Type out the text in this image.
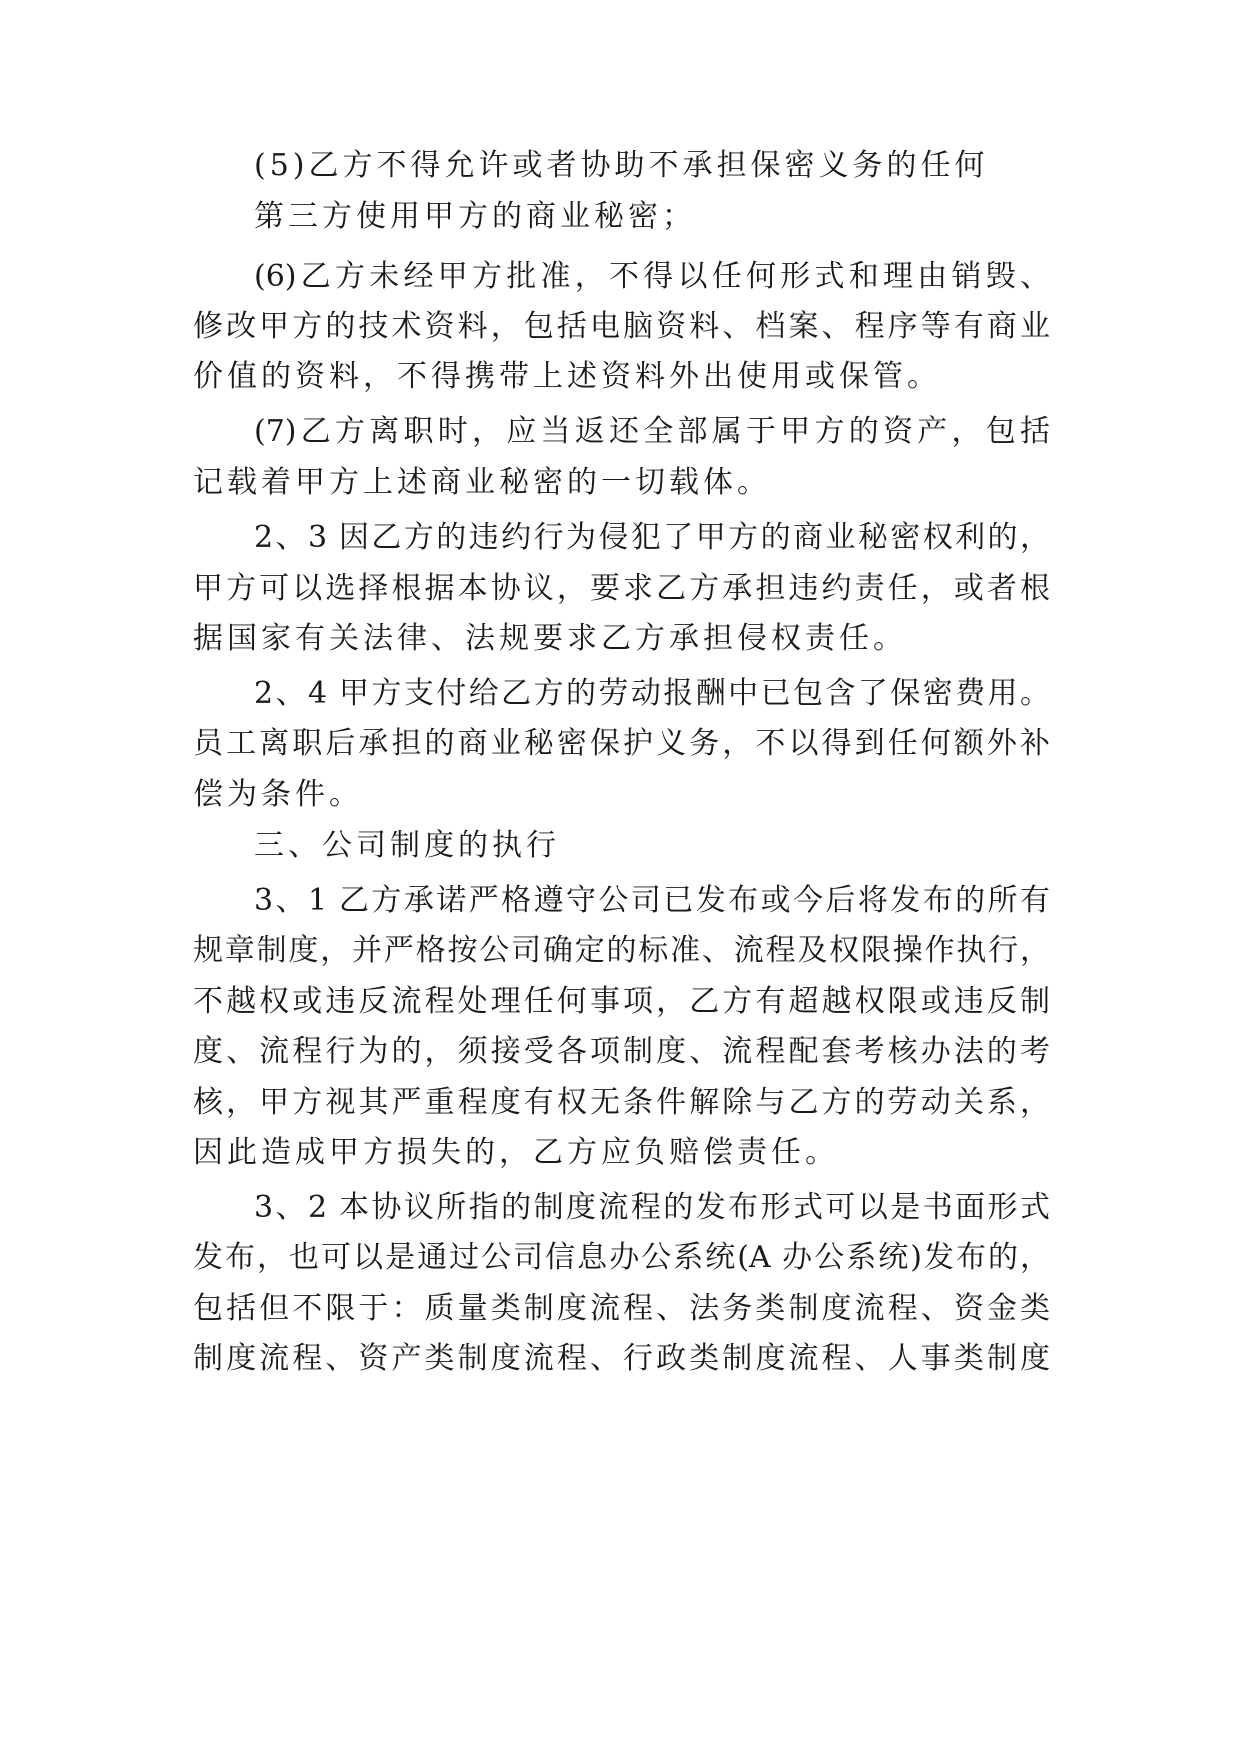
(5)乙方不得允许或者协助不承担保密义务的任何
第三方使用甲方的商业秘密；
(6)乙方未经甲方批准，不得以任何形式和理由销毁、
修改甲方的技术资料，包括电脑资料、档案、程序等有商业
价值的资料，不得携带上述资料外出使用或保管。
(7)乙方离职时，应当返还全部属于甲方的资产，包括
记载着甲方上述商业秘密的一切载体。
2、3 因乙方的违约行为侵犯了甲方的商业秘密权利的，
甲方可以选择根据本协议，要求乙方承担违约责任，或者根
据国家有关法律、法规要求乙方承担侵权责任。
2、4 甲方支付给乙方的劳动报酬中已包含了保密费用。
员工离职后承担的商业秘密保护义务，不以得到任何额外补
偿为条件。
三、公司制度的执行
3、1 乙方承诺严格遵守公司已发布或今后将发布的所有
规章制度，并严格按公司确定的标准、流程及权限操作执行，
不越权或违反流程处理任何事项，乙方有超越权限或违反制
度、流程行为的，须接受各项制度、流程配套考核办法的考
核，甲方视其严重程度有权无条件解除与乙方的劳动关系，
因此造成甲方损失的，乙方应负赔偿责任。
3、2 本协议所指的制度流程的发布形式可以是书面形式
发布，也可以是通过公司信息办公系统(A 办公系统)发布的，
包括但不限于：质量类制度流程、法务类制度流程、资金类
制度流程、资产类制度流程、行政类制度流程、人事类制度
